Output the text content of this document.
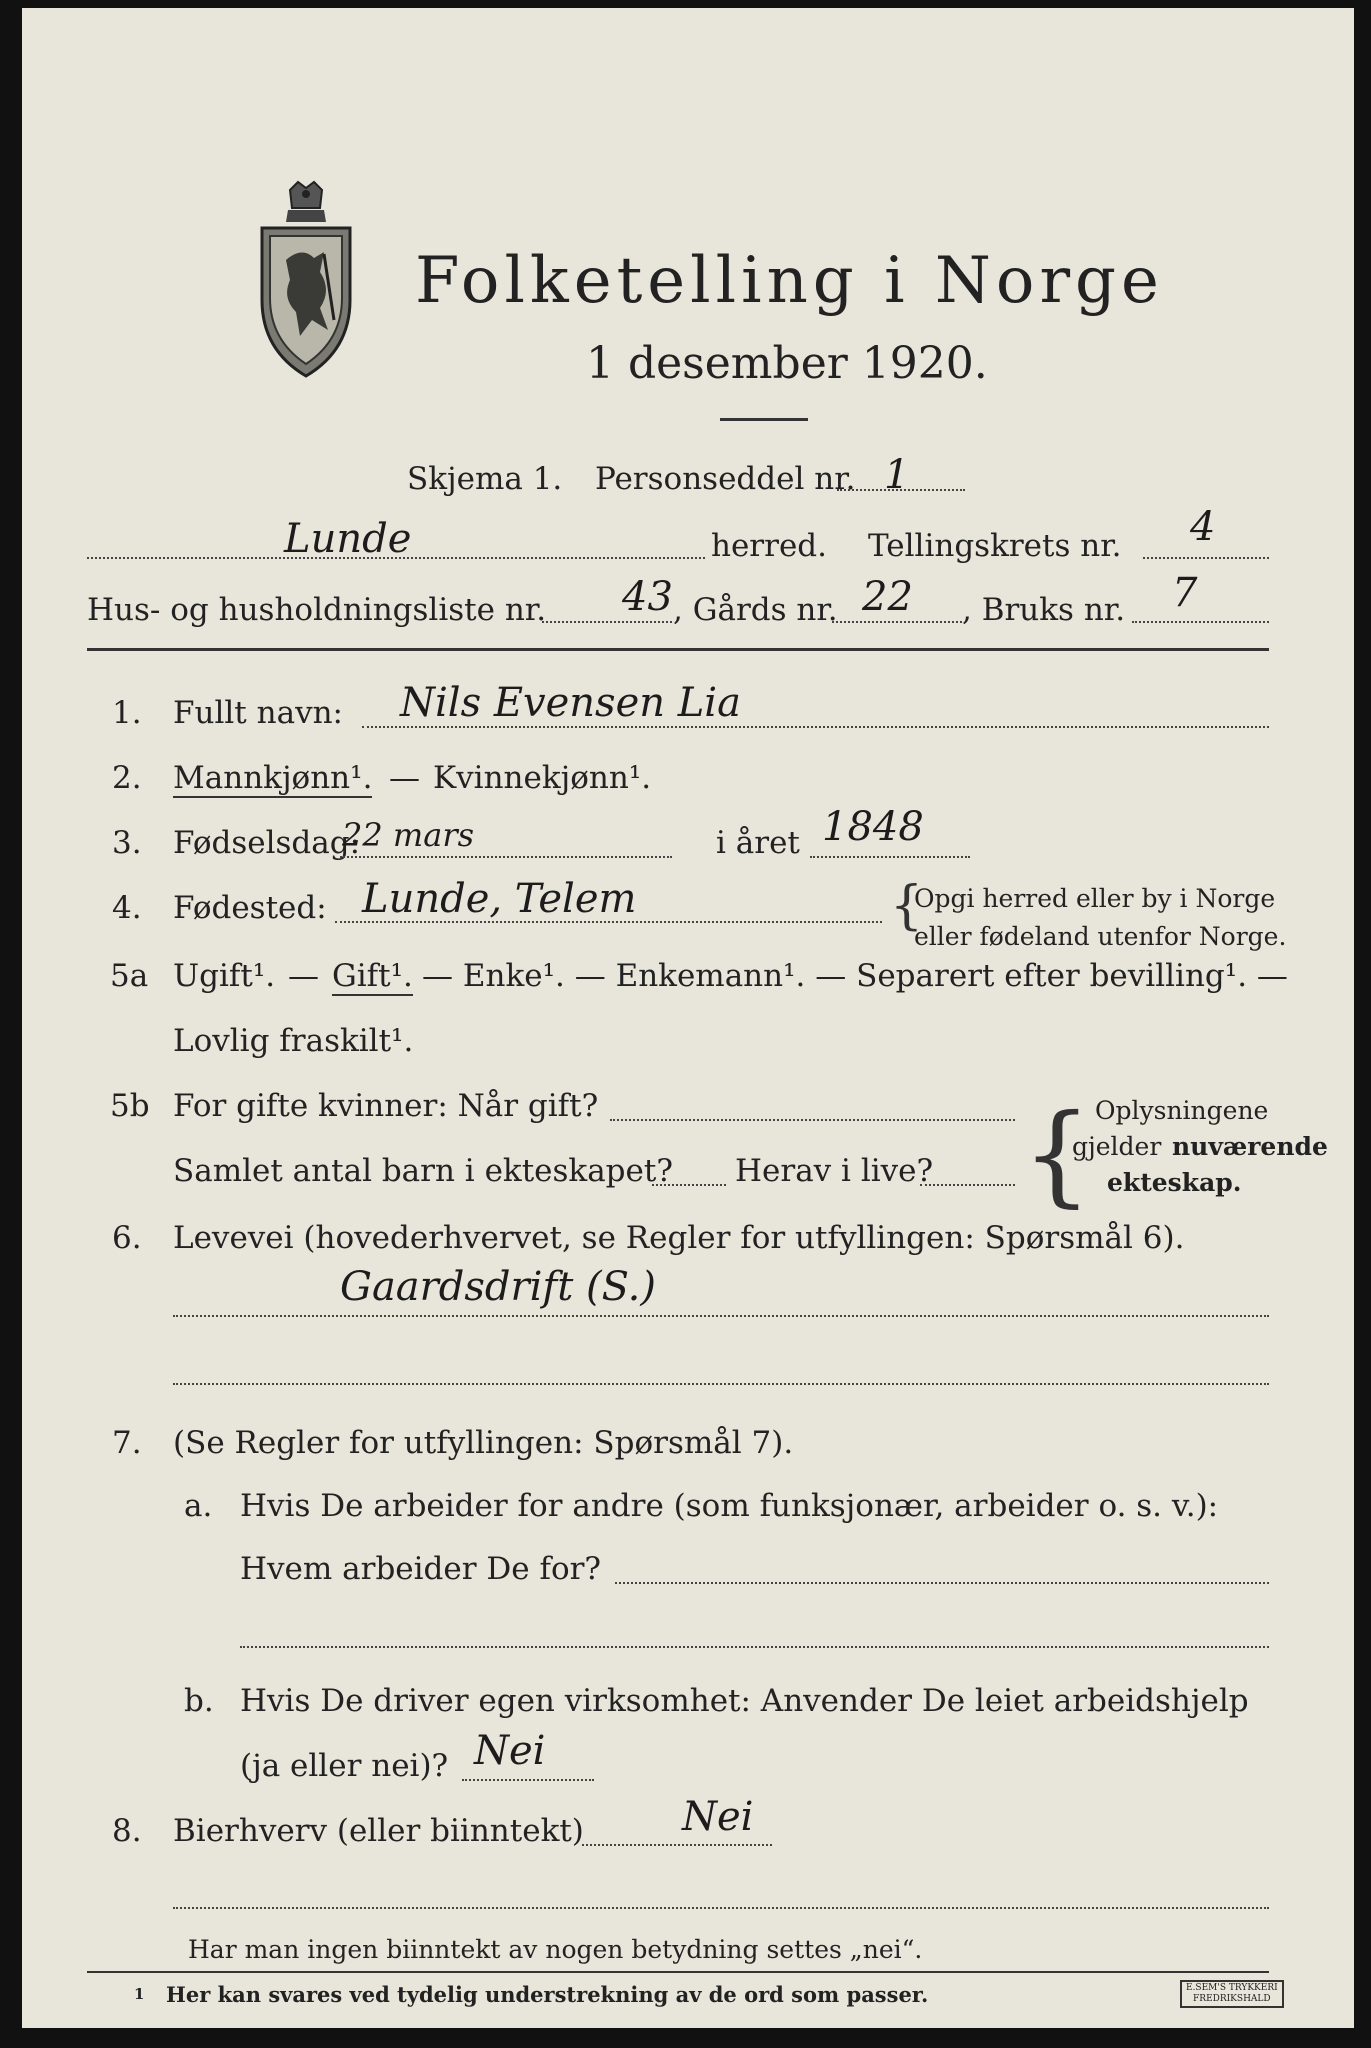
Folketelling i Norge
1 desember 1920.
Skjema 1. Personseddel nr. 1
Lunde	herred. Tellingskrets nr. 4
Hus- og husholdningsliste nr. 43 , Gårds nr. 22 , Bruks nr. 7
1. Fullt navn: Nils Evensen Lia
2. Mannkjønn¹. — Kvinnekjønn¹.
3. Fødselsdag:
22 mars	i året 1848
4. Fødested: Lunde, Telem	{
Opgi herred eller by i Norge
eller fødeland utenfor Norge.
5a Ugift¹. — Gift¹. — Enke¹. — Enkemann¹. — Separert efter bevilling¹. —
Lovlig fraskilt¹.
5b For gifte kvinner: Når gift?
Samlet antal barn i ekteskapet? Herav i live? { Oplysningene
gjelder nuværende
ekteskap.
6. Levevei (hovederhvervet, se Regler for utfyllingen: Spørsmål 6).
Gaardsdrift (S.)
7. (Se Regler for utfyllingen: Spørsmål 7).
a. Hvis De arbeider for andre (som funksjonær, arbeider o. s. v.):
Hvem arbeider De for?
b. Hvis De driver egen virksomhet: Anvender De leiet arbeidshjelp
(ja eller nei)? Nei
8. Bierhverv (eller biinntekt) Nei
Har man ingen biinntekt av nogen betydning settes „nei“.
1 Her kan svares ved tydelig understrekning av de ord som passer.	E.SEM'S TRYKKERI
FREDRIKSHALD
